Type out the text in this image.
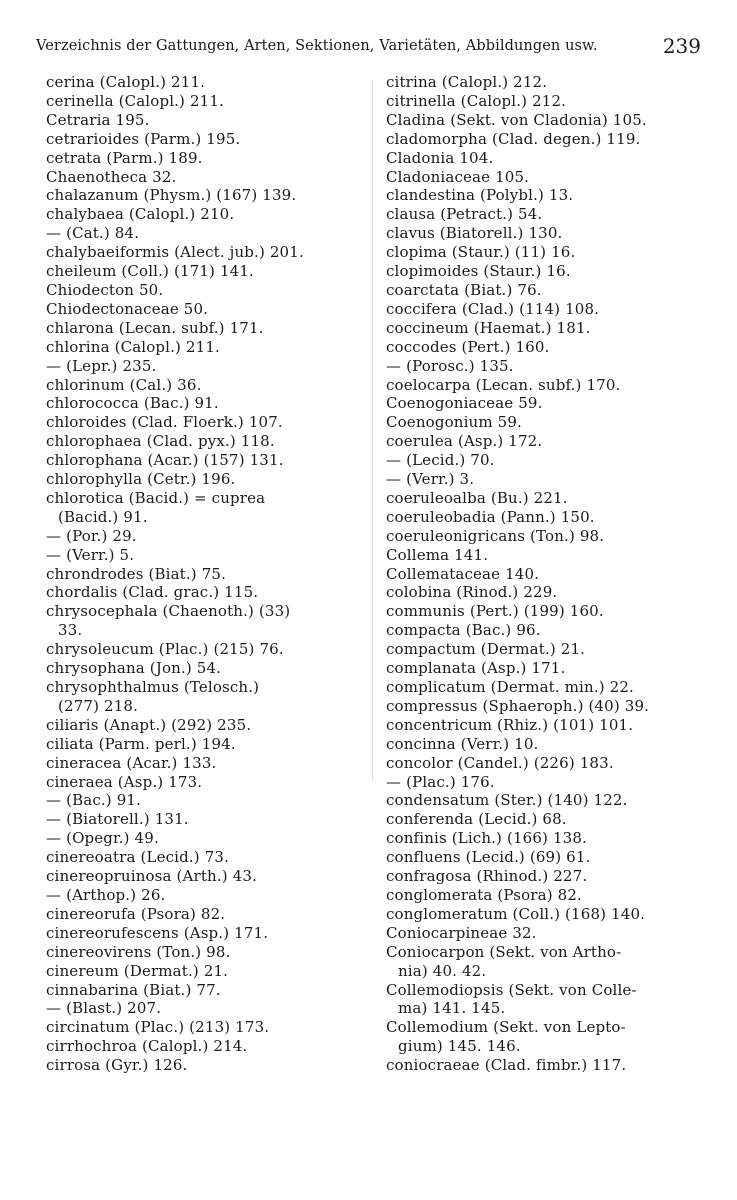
Verzeichnis der Gattungen, Arten, Sektionen, Varietäten, Abbildungen usw.	239
cerina (Calopl.) 211.
cerinella (Calopl.) 211.
Cetraria 195.
cetrarioides (Parm.) 195.
cetrata (Parm.) 189.
Chaenotheca 32.
chalazanum (Physm.) (167) 139.
chalybaea (Calopl.) 210.
— (Cat.) 84.
chalybaeiformis (Alect. jub.) 201.
cheileum (Coll.) (171) 141.
Chiodecton 50.
Chiodectonaceae 50.
chlarona (Lecan. subf.) 171.
chlorina (Calopl.) 211.
— (Lepr.) 235.
chlorinum (Cal.) 36.
chlorococca (Bac.) 91.
chloroides (Clad. Floerk.) 107.
chlorophaea (Clad. pyx.) 118.
chlorophana (Acar.) (157) 131.
chlorophylla (Cetr.) 196.
chlorotica (Bacid.) = cuprea
(Bacid.) 91.
— (Por.) 29.
— (Verr.) 5.
chrondrodes (Biat.) 75.
chordalis (Clad. grac.) 115.
chrysocephala (Chaenoth.) (33)
33.
chrysoleucum (Plac.) (215) 76.
chrysophana (Jon.) 54.
chrysophthalmus (Telosch.)
(277) 218.
ciliaris (Anapt.) (292) 235.
ciliata (Parm. perl.) 194.
cineracea (Acar.) 133.
cineraea (Asp.) 173.
— (Bac.) 91.
— (Biatorell.) 131.
— (Opegr.) 49.
cinereoatra (Lecid.) 73.
cinereopruinosa (Arth.) 43.
— (Arthop.) 26.
cinereorufa (Psora) 82.
cinereorufescens (Asp.) 171.
cinereovirens (Ton.) 98.
cinereum (Dermat.) 21.
cinnabarina (Biat.) 77.
— (Blast.) 207.
circinatum (Plac.) (213) 173.
cirrhochroa (Calopl.) 214.
cirrosa (Gyr.) 126.
citrina (Calopl.) 212.
citrinella (Calopl.) 212.
Cladina (Sekt. von Cladonia) 105.
cladomorpha (Clad. degen.) 119.
Cladonia 104.
Cladoniaceae 105.
clandestina (Polybl.) 13.
clausa (Petract.) 54.
clavus (Biatorell.) 130.
clopima (Staur.) (11) 16.
clopimoides (Staur.) 16.
coarctata (Biat.) 76.
coccifera (Clad.) (114) 108.
coccineum (Haemat.) 181.
coccodes (Pert.) 160.
— (Porosc.) 135.
coelocarpa (Lecan. subf.) 170.
Coenogoniaceae 59.
Coenogonium 59.
coerulea (Asp.) 172.
— (Lecid.) 70.
— (Verr.) 3.
coeruleoalba (Bu.) 221.
coeruleobadia (Pann.) 150.
coeruleonigricans (Ton.) 98.
Collema 141.
Collemataceae 140.
colobina (Rinod.) 229.
communis (Pert.) (199) 160.
compacta (Bac.) 96.
compactum (Dermat.) 21.
complanata (Asp.) 171.
complicatum (Dermat. min.) 22.
compressus (Sphaeroph.) (40) 39.
concentricum (Rhiz.) (101) 101.
concinna (Verr.) 10.
concolor (Candel.) (226) 183.
— (Plac.) 176.
condensatum (Ster.) (140) 122.
conferenda (Lecid.) 68.
confinis (Lich.) (166) 138.
confluens (Lecid.) (69) 61.
confragosa (Rhinod.) 227.
conglomerata (Psora) 82.
conglomeratum (Coll.) (168) 140.
Coniocarpineae 32.
Coniocarpon (Sekt. von Artho-
nia) 40. 42.
Collemodiopsis (Sekt. von Colle-
ma) 141. 145.
Collemodium (Sekt. von Lepto-
gium) 145. 146.
coniocraeae (Clad. fimbr.) 117.
